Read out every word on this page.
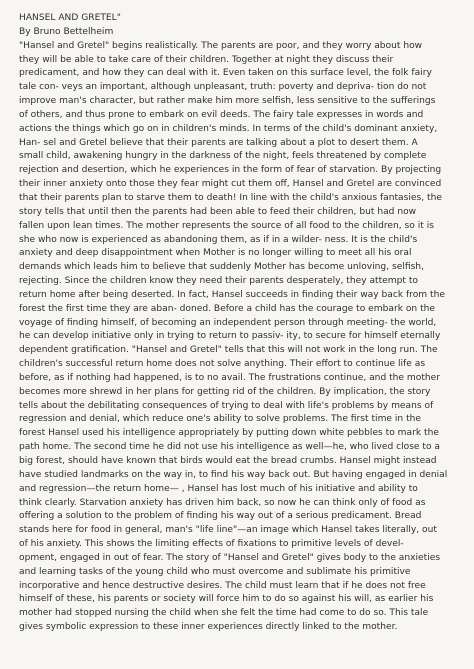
HANSEL AND GRETEL"
By Bruno Bettelheim
"Hansel and Gretel" begins realistically. The parents are poor, and they worry about how
they will be able to take care of their children. Together at night they discuss their
predicament, and how they can deal with it. Even taken on this surface level, the folk fairy
tale con- veys an important, although unpleasant, truth: poverty and depriva- tion do not
improve man's character, but rather make him more selfish, less sensitive to the sufferings
of others, and thus prone to embark on evil deeds. The fairy tale expresses in words and
actions the things which go on in children's minds. In terms of the child's dominant anxiety,
Han- sel and Gretel believe that their parents are talking about a plot to desert them. A
small child, awakening hungry in the darkness of the night, feels threatened by complete
rejection and desertion, which he experiences in the form of fear of starvation. By projecting
their inner anxiety onto those they fear might cut them off, Hansel and Gretel are convinced
that their parents plan to starve them to death! In line with the child's anxious fantasies, the
story tells that until then the parents had been able to feed their children, but had now
fallen upon lean times. The mother represents the source of all food to the children, so it is
she who now is experienced as abandoning them, as if in a wilder- ness. It is the child's
anxiety and deep disappointment when Mother is no longer willing to meet all his oral
demands which leads him to believe that suddenly Mother has become unloving, selfish,
rejecting. Since the children know they need their parents desperately, they attempt to
return home after being deserted. In fact, Hansel succeeds in finding their way back from the
forest the first time they are aban- doned. Before a child has the courage to embark on the
voyage of finding himself, of becoming an independent person through meeting- the world,
he can develop initiative only in trying to return to passiv- ity, to secure for himself eternally
dependent gratification. "Hansel and Gretel" tells that this will not work in the long run. The
children's successful return home does not solve anything. Their effort to continue life as
before, as if nothing had happened, is to no avail. The frustrations continue, and the mother
becomes more shrewd in her plans for getting rid of the children. By implication, the story
tells about the debilitating consequences of trying to deal with life's problems by means of
regression and denial, which reduce one's ability to solve problems. The first time in the
forest Hansel used his intelligence appropriately by putting down white pebbles to mark the
path home. The second time he did not use his intelligence as well—he, who lived close to a
big forest, should have known that birds would eat the bread crumbs. Hansel might instead
have studied landmarks on the way in, to find his way back out. But having engaged in denial
and regression—the return home— , Hansel has lost much of his initiative and ability to
think clearly. Starvation anxiety has driven him back, so now he can think only of food as
offering a solution to the problem of finding his way out of a serious predicament. Bread
stands here for food in general, man's "life line"—an image which Hansel takes literally, out
of his anxiety. This shows the limiting effects of fixations to primitive levels of devel-
opment, engaged in out of fear. The story of "Hansel and Gretel" gives body to the anxieties
and learning tasks of the young child who must overcome and sublimate his primitive
incorporative and hence destructive desires. The child must learn that if he does not free
himself of these, his parents or society will force him to do so against his will, as earlier his
mother had stopped nursing the child when she felt the time had come to do so. This tale
gives symbolic expression to these inner experiences directly linked to the mother.
